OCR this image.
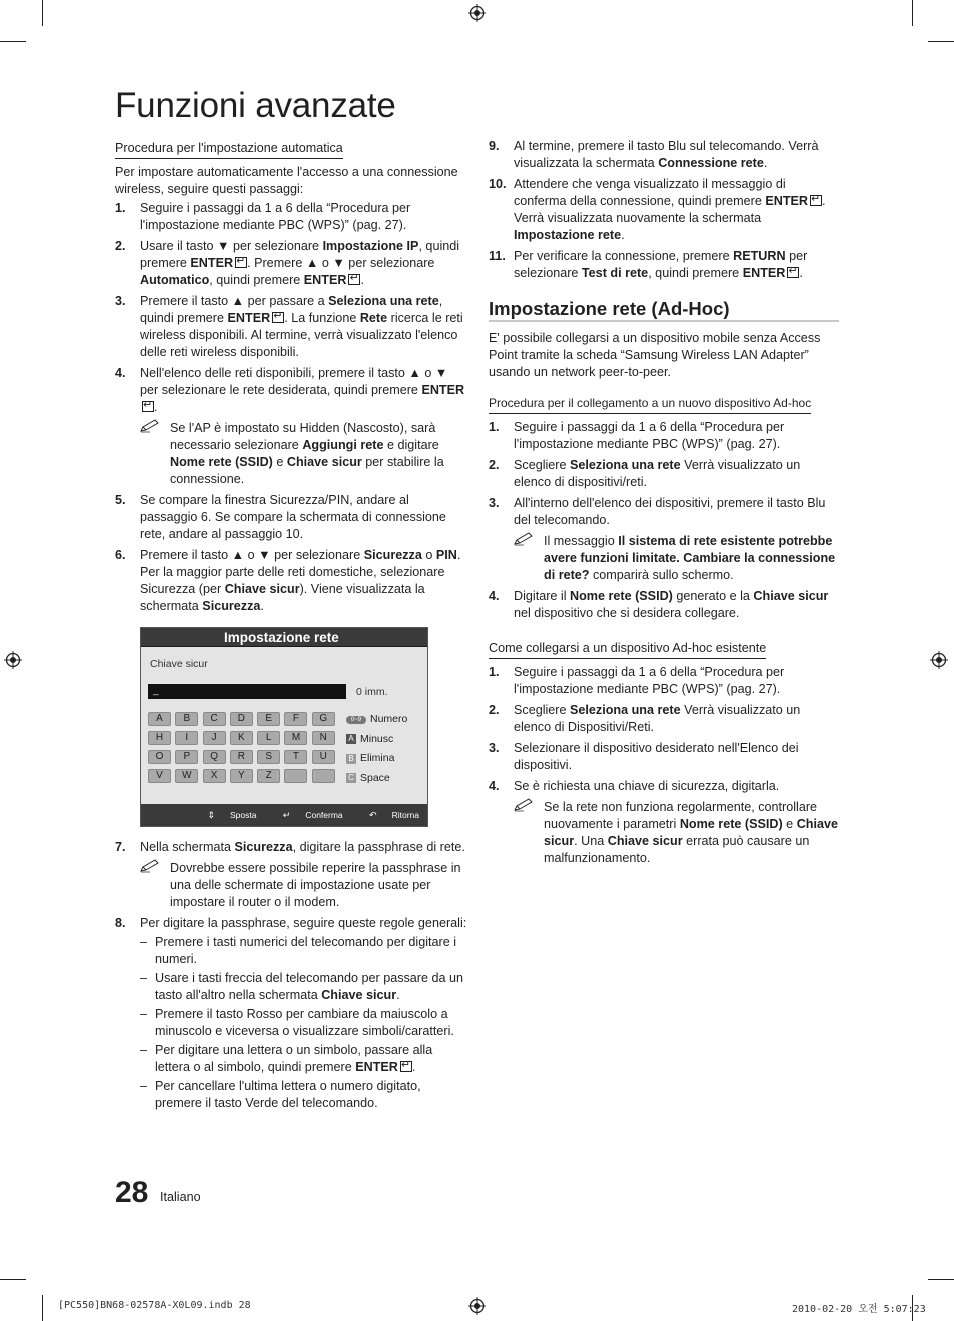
Funzioni avanzate
Procedura per l'impostazione automatica

Per impostare automaticamente l'accesso a una connessione wireless, seguire questi passaggi:

1. Seguire i passaggi da 1 a 6 della “Procedura per l'impostazione mediante PBC (WPS)” (pag. 27).
2. Usare il tasto ▼ per selezionare Impostazione IP, quindi premere ENTER ↵ . Premere ▲ o ▼ per selezionare Automatico, quindi premere ENTER ↵ .
3. Premere il tasto ▲ per passare a Seleziona una rete, quindi premere ENTER ↵ . La funzione Rete ricerca le reti wireless disponibili. Al termine, verrà visualizzato l'elenco delle reti wireless disponibili.
4. Nell'elenco delle reti disponibili, premere il tasto ▲ o ▼ per selezionare le rete desiderata, quindi premere ENTER↵.
Se l'AP è impostato su Hidden (Nascosto), sarà necessario selezionare Aggiungi rete e digitare Nome rete (SSID) e Chiave sicur per stabilire la connessione.
5. Se compare la finestra Sicurezza/PIN, andare al passaggio 6. Se compare la schermata di connessione rete, andare al passaggio 10.
6. Premere il tasto ▲ o ▼ per selezionare Sicurezza o PIN. Per la maggior parte delle reti domestiche, selezionare Sicurezza (per Chiave sicur). Viene visualizzata la schermata Sicurezza.
Impostazione rete
Chiave sicur
_	0 imm.
A	B	C	D	E	F	G
H	I	J	K	L	M	N
O	P	Q	R	S	T	U
V	W	X	Y	Z
0~9 Numero
A Minusc
B Elimina
C Space
⇕ Sposta	↵ Conferma	↶ Ritorna
7. Nella schermata Sicurezza, digitare la passphrase di rete.
Dovrebbe essere possibile reperire la passphrase in una delle schermate di impostazione usate per impostare il router o il modem.
8. Per digitare la passphrase, seguire queste regole generali:
– Premere i tasti numerici del telecomando per digitare i numeri.
– Usare i tasti freccia del telecomando per passare da un tasto all'altro nella schermata Chiave sicur.
– Premere il tasto Rosso per cambiare da maiuscolo a minuscolo e viceversa o visualizzare simboli/caratteri.
– Per digitare una lettera o un simbolo, passare alla lettera o al simbolo, quindi premere ENTER ↵ .
– Per cancellare l'ultima lettera o numero digitato, premere il tasto Verde del telecomando.
9. Al termine, premere il tasto Blu sul telecomando. Verrà visualizzata la schermata Connessione rete.
10. Attendere che venga visualizzato il messaggio di conferma della connessione, quindi premere ENTER ↵ . Verrà visualizzata nuovamente la schermata Impostazione rete.
11. Per verificare la connessione, premere RETURN per selezionare Test di rete, quindi premere ENTER ↵ .
Impostazione rete (Ad-Hoc)

E' possibile collegarsi a un dispositivo mobile senza Access Point tramite la scheda “Samsung Wireless LAN Adapter” usando un network peer-to-peer.

Procedura per il collegamento a un nuovo dispositivo Ad-hoc
1. Seguire i passaggi da 1 a 6 della “Procedura per l'impostazione mediante PBC (WPS)” (pag. 27).
2. Scegliere Seleziona una rete Verrà visualizzato un elenco di dispositivi/reti.
3. All'interno dell'elenco dei dispositivi, premere il tasto Blu del telecomando.
Il messaggio Il sistema di rete esistente potrebbe avere funzioni limitate. Cambiare la connessione di rete? comparirà sullo schermo.
4. Digitare il Nome rete (SSID) generato e la Chiave sicur nel dispositivo che si desidera collegare.
Come collegarsi a un dispositivo Ad-hoc esistente
1. Seguire i passaggi da 1 a 6 della “Procedura per l'impostazione mediante PBC (WPS)” (pag. 27).
2. Scegliere Seleziona una rete Verrà visualizzato un elenco di Dispositivi/Reti.
3. Selezionare il dispositivo desiderato nell'Elenco dei dispositivi.
4. Se è richiesta una chiave di sicurezza, digitarla.
Se la rete non funziona regolarmente, controllare nuovamente i parametri Nome rete (SSID) e Chiave sicur. Una Chiave sicur errata può causare un malfunzionamento.
28 Italiano
[PC550]BN68-02578A-X0L09.indb 28	2010-02-20 오전 5:07:23
